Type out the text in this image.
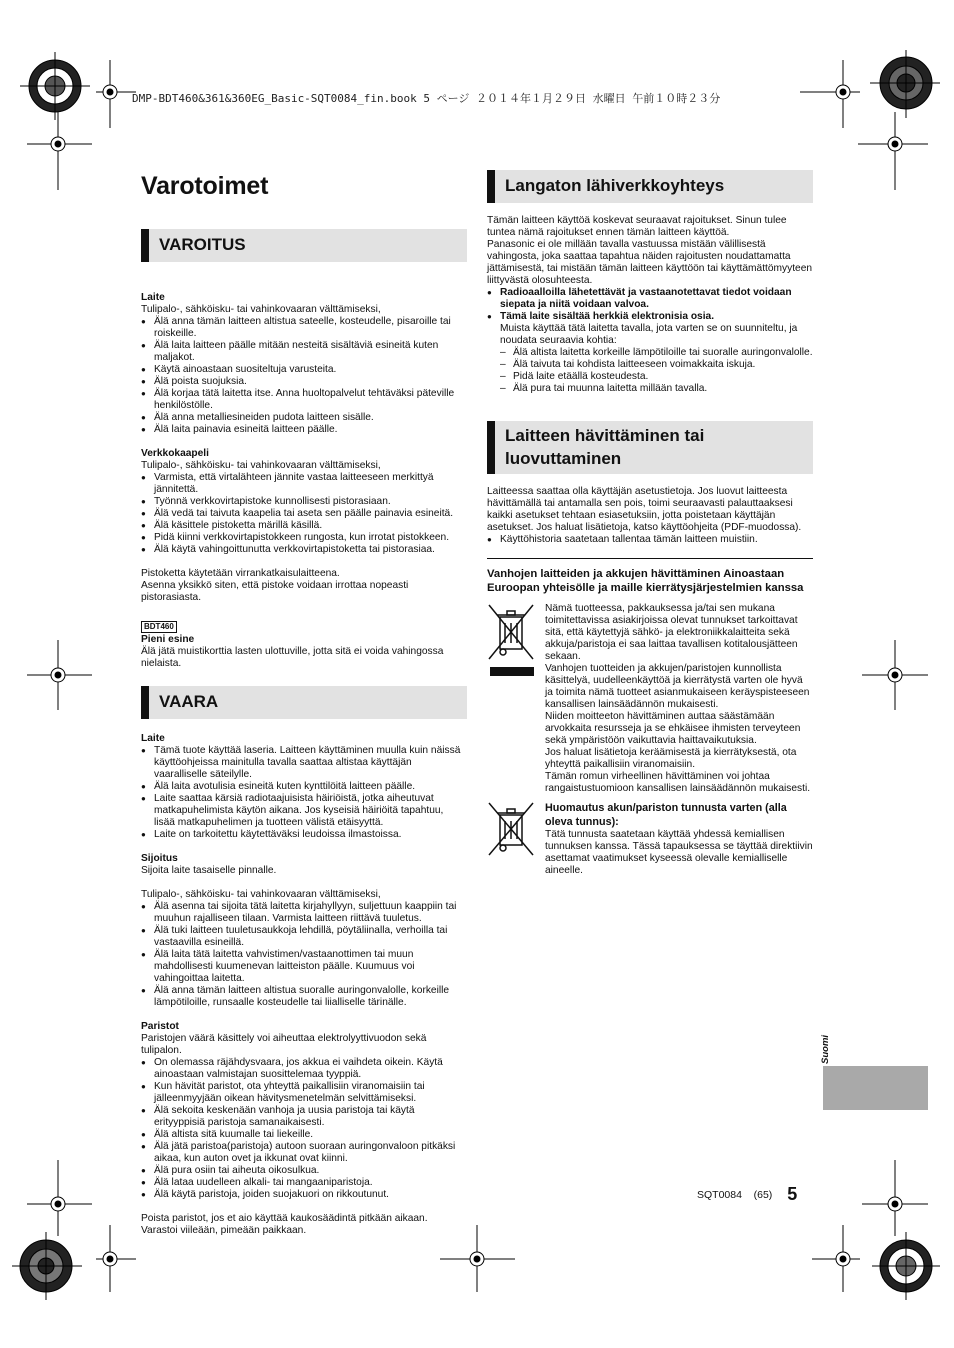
DMP-BDT460&361&360EG_Basic-SQT0084_fin.book 5 ページ ２０１４年１月２９日 水曜日 午前１０時２３分
Varotoimet
VAROITUS
Laite

Tulipalo-, sähköisku- tai vahinkovaaran välttämiseksi,

● Älä anna tämän laitteen altistua sateelle, kosteudelle, pisaroille tai roiskeille.
● Älä laita laitteen päälle mitään nesteitä sisältäviä esineitä kuten maljakot.
● Käytä ainoastaan suositeltuja varusteita.
● Älä poista suojuksia.
● Älä korjaa tätä laitetta itse. Anna huoltopalvelut tehtäväksi päteville henkilöstölle.
● Älä anna metalliesineiden pudota laitteen sisälle.
● Älä laita painavia esineitä laitteen päälle.
Verkkokaapeli

Tulipalo-, sähköisku- tai vahinkovaaran välttämiseksi,

● Varmista, että virtalähteen jännite vastaa laitteeseen merkittyä jännitettä.
● Työnnä verkkovirtapistoke kunnollisesti pistorasiaan.
● Älä vedä tai taivuta kaapelia tai aseta sen päälle painavia esineitä.
● Älä käsittele pistoketta märillä käsillä.
● Pidä kiinni verkkovirtapistokkeen rungosta, kun irrotat pistokkeen.
● Älä käytä vahingoittunutta verkkovirtapistoketta tai pistorasiaa.

Pistoketta käytetään virrankatkaisulaitteena.

Asenna yksikkö siten, että pistoke voidaan irrottaa nopeasti pistorasiasta.

BDT460
Pieni esine

Älä jätä muistikorttia lasten ulottuville, jotta sitä ei voida vahingossa nielaista.

VAARA
Laite
● Tämä tuote käyttää laseria. Laitteen käyttäminen muulla kuin näissä käyttöohjeissa mainitulla tavalla saattaa altistaa käyttäjän vaaralliselle säteilylle.
● Älä laita avotulisia esineitä kuten kynttilöitä laitteen päälle.
● Laite saattaa kärsiä radiotaajuisista häiriöistä, jotka aiheutuvat matkapuhelimista käytön aikana. Jos kyseisiä häiriöitä tapahtuu, lisää matkapuhelimen ja tuotteen välistä etäisyyttä.
● Laite on tarkoitettu käytettäväksi leudoissa ilmastoissa.
Sijoitus

Sijoita laite tasaiselle pinnalle.

Tulipalo-, sähköisku- tai vahinkovaaran välttämiseksi,

● Älä asenna tai sijoita tätä laitetta kirjahyllyyn, suljettuun kaappiin tai muuhun rajalliseen tilaan. Varmista laitteen riittävä tuuletus.
● Älä tuki laitteen tuuletusaukkoja lehdillä, pöytäliinalla, verhoilla tai vastaavilla esineillä.
● Älä laita tätä laitetta vahvistimen/vastaanottimen tai muun mahdollisesti kuumenevan laitteiston päälle. Kuumuus voi vahingoittaa laitetta.
● Älä anna tämän laitteen altistua suoralle auringonvalolle, korkeille lämpötiloille, runsaalle kosteudelle tai liialliselle tärinälle.
Paristot

Paristojen väärä käsittely voi aiheuttaa elektrolyyttivuodon sekä tulipalon.

● On olemassa räjähdysvaara, jos akkua ei vaihdeta oikein. Käytä ainoastaan valmistajan suosittelemaa tyyppiä.
● Kun hävität paristot, ota yhteyttä paikallisiin viranomaisiin tai jälleenmyyjään oikean hävitysmenetelmän selvittämiseksi.
● Älä sekoita keskenään vanhoja ja uusia paristoja tai käytä erityyppisiä paristoja samanaikaisesti.
● Älä altista sitä kuumalle tai liekeille.
● Älä jätä paristoa(paristoja) autoon suoraan auringonvaloon pitkäksi aikaa, kun auton ovet ja ikkunat ovat kiinni.
● Älä pura osiin tai aiheuta oikosulkua.
● Älä lataa uudelleen alkali- tai mangaaniparistoja.
● Älä käytä paristoja, joiden suojakuori on rikkoutunut.

Poista paristot, jos et aio käyttää kaukosäädintä pitkään aikaan.

Varastoi viileään, pimeään paikkaan.

Langaton lähiverkkoyhteys

Tämän laitteen käyttöä koskevat seuraavat rajoitukset. Sinun tulee tuntea nämä rajoitukset ennen tämän laitteen käyttöä.

Panasonic ei ole millään tavalla vastuussa mistään välillisestä vahingosta, joka saattaa tapahtua näiden rajoitusten noudattamatta jättämisestä, tai mistään tämän laitteen käyttöön tai käyttämättömyyteen liittyvästä olosuhteesta.

● Radioaalloilla lähetettävät ja vastaanotettavat tiedot voidaan siepata ja niitä voidaan valvoa.
● Tämä laite sisältää herkkiä elektronisia osia.

Muista käyttää tätä laitetta tavalla, jota varten se on suunniteltu, ja noudata seuraavia kohtia:

– Älä altista laitetta korkeille lämpötiloille tai suoralle auringonvalolle.
– Älä taivuta tai kohdista laitteeseen voimakkaita iskuja.
– Pidä laite etäällä kosteudesta.
– Älä pura tai muunna laitetta millään tavalla.
Laitteen hävittäminen tai luovuttaminen

Laitteessa saattaa olla käyttäjän asetustietoja. Jos luovut laitteesta hävittämällä tai antamalla sen pois, toimi seuraavasti palauttaaksesi kaikki asetukset tehtaan esiasetuksiin, jotta poistetaan käyttäjän asetukset. Jos haluat lisätietoja, katso käyttöohjeita (PDF-muodossa).

● Käyttöhistoria saatetaan tallentaa tämän laitteen muistiin.
Vanhojen laitteiden ja akkujen hävittäminen Ainoastaan Euroopan yhteisölle ja maille kierrätysjärjestelmien kanssa

Nämä tuotteessa, pakkauksessa ja/tai sen mukana toimitettavissa asiakirjoissa olevat tunnukset tarkoittavat sitä, että käytettyjä sähkö- ja elektroniikkalaitteita sekä akkuja/paristoja ei saa laittaa tavallisen kotitalousjätteen sekaan.

Vanhojen tuotteiden ja akkujen/paristojen kunnollista käsittelyä, uudelleenkäyttöä ja kierrätystä varten ole hyvä ja toimita nämä tuotteet asianmukaiseen keräyspisteeseen kansallisen lainsäädännön mukaisesti.

Niiden moitteeton hävittäminen auttaa säästämään arvokkaita resursseja ja se ehkäisee ihmisten terveyteen sekä ympäristöön vaikuttavia haittavaikutuksia.

Jos haluat lisätietoja keräämisestä ja kierrätyksestä, ota yhteyttä paikallisiin viranomaisiin.

Tämän romun virheellinen hävittäminen voi johtaa rangaistustuomioon kansallisen lainsäädännön mukaisesti.

Huomautus akun/pariston tunnusta varten (alla oleva tunnus):

Tätä tunnusta saatetaan käyttää yhdessä kemiallisen tunnuksen kanssa. Tässä tapauksessa se täyttää direktiivin asettamat vaatimukset kyseessä olevalle kemialliselle aineelle.

Suomi
SQT0084 (65) 5
